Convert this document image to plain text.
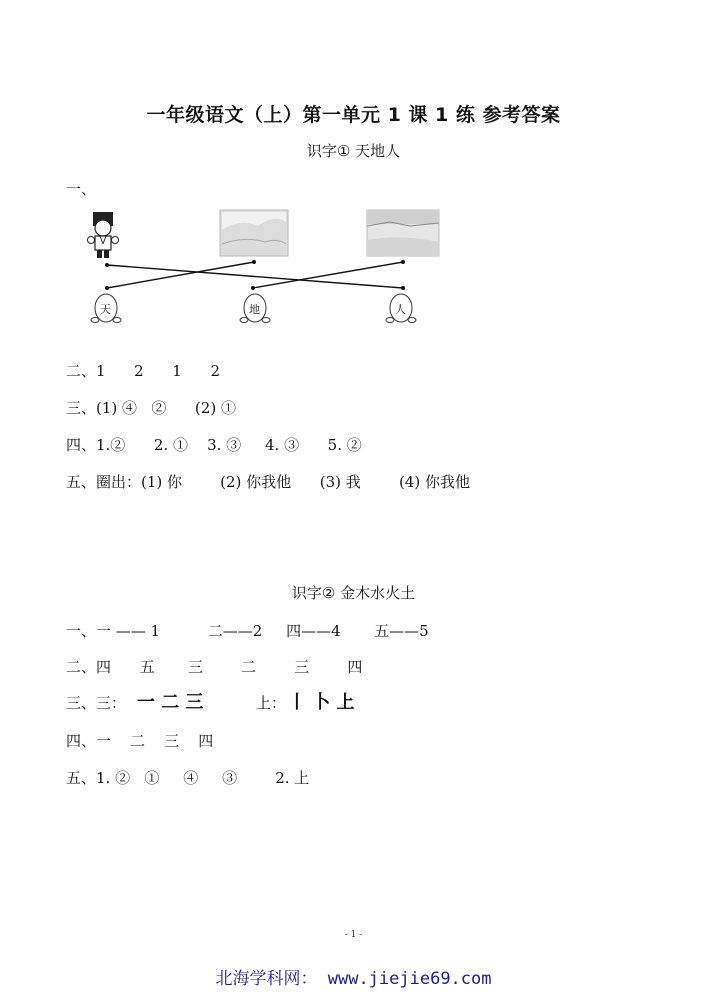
一年级语文（上）第一单元 1 课 1 练 参考答案
识字① 天地人
一、
天	地	人
二、1      2      1      2
三、(1) ④   ②      (2) ①
四、1.②      2. ①    3. ③     4. ③      5. ②
五、圈出：(1) 你        (2) 你我他      (3) 我        (4) 你我他
识字② 金木水火土
一、一 —— 1          二——2     四——4       五——5
二、四      五       三        二        三        四
三、三： 一 二 三	上： 丨 卜 上
四、一    二    三    四
五、1. ②   ①     ④     ③        2. 上
- 1 -
北海学科网： www.jiejie69.com
